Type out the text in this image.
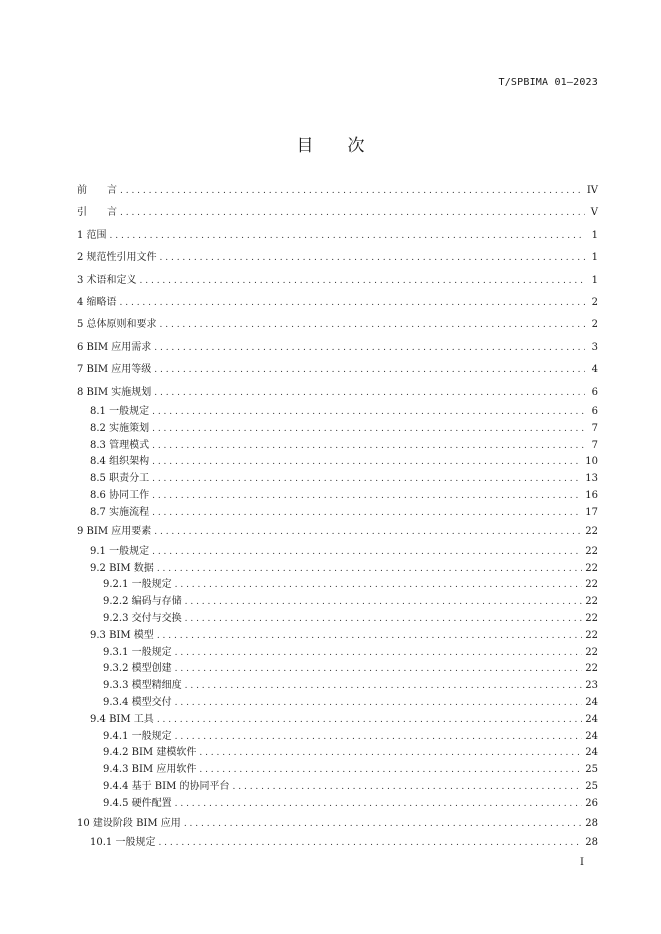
T/SPBIMA 01—2023
目 次
前　　言 . . .	IV
引　　言 . . .	V
1 范围 . . .	1
2 规范性引用文件 . . .	1
3 术语和定义 . . .	1
4 缩略语 . . .	2
5 总体原则和要求 . . .	2
6 BIM 应用需求 . . .	3
7 BIM 应用等级 . . .	4
8 BIM 实施规划 . . .	6
8.1 一般规定 . . .	6
8.2 实施策划 . . .	7
8.3 管理模式 . . .	7
8.4 组织架构 . . .	10
8.5 职责分工 . . .	13
8.6 协同工作 . . .	16
8.7 实施流程 . . .	17
9 BIM 应用要素 . . .	22
9.1 一般规定 . . .	22
9.2 BIM 数据 . . .	22
9.2.1 一般规定 . . .	22
9.2.2 编码与存储 . . .	22
9.2.3 交付与交换 . . .	22
9.3 BIM 模型 . . .	22
9.3.1 一般规定 . . .	22
9.3.2 模型创建 . . .	22
9.3.3 模型精细度 . . .	23
9.3.4 模型交付 . . .	24
9.4 BIM 工具 . . .	24
9.4.1 一般规定 . . .	24
9.4.2 BIM 建模软件 . . .	24
9.4.3 BIM 应用软件 . . .	25
9.4.4 基于 BIM 的协同平台 . . .	25
9.4.5 硬件配置 . . .	26
10 建设阶段 BIM 应用 . . .	28
10.1 一般规定 . . .	28
I
